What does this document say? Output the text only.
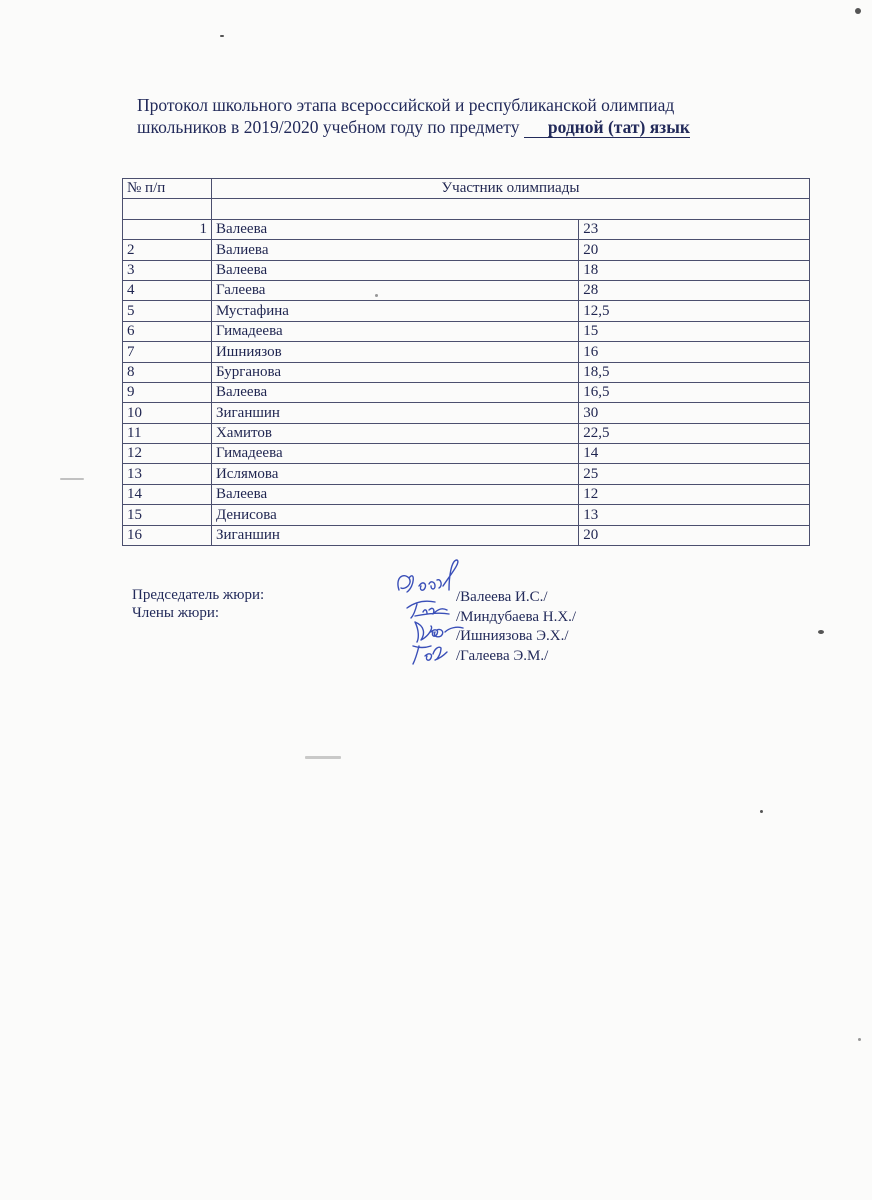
Протокол школьного этапа всероссийской и республиканской олимпиад
школьников в 2019/2020 учебном году по предмету родной (тат) язык
№ п/п	Участник олимпиады	

1	Валеева	23
2	Валиева	20
3	Валеева	18
4	Галеева	28
5	Мустафина	12,5
6	Гимадеева	15
7	Ишниязов	16
8	Бурганова	18,5
9	Валеева	16,5
10	Зиганшин	30
11	Хамитов	22,5
12	Гимадеева	14
13	Ислямова	25
14	Валеева	12
15	Денисова	13
16	Зиганшин	20
Председатель жюри:
Члены жюри:
/Валеева И.С./
/Миндубаева Н.Х./
/Ишниязова Э.Х./
/Галеева Э.М./
